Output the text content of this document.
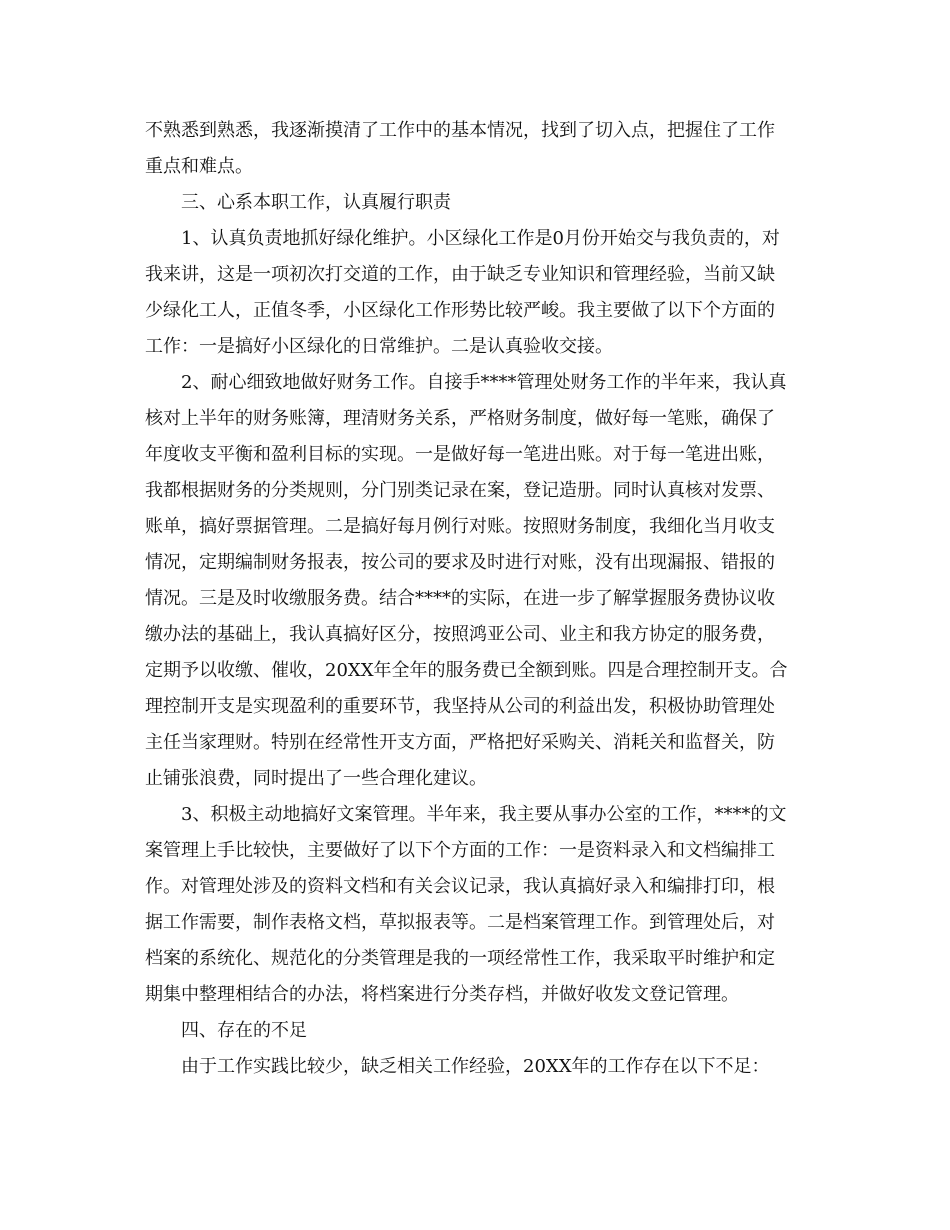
不熟悉到熟悉，我逐渐摸清了工作中的基本情况，找到了切入点，把握住了工作
重点和难点。
三、心系本职工作，认真履行职责
1、认真负责地抓好绿化维护。小区绿化工作是0月份开始交与我负责的，对
我来讲，这是一项初次打交道的工作，由于缺乏专业知识和管理经验，当前又缺
少绿化工人，正值冬季，小区绿化工作形势比较严峻。我主要做了以下个方面的
工作：一是搞好小区绿化的日常维护。二是认真验收交接。
2、耐心细致地做好财务工作。自接手****管理处财务工作的半年来，我认真
核对上半年的财务账簿，理清财务关系，严格财务制度，做好每一笔账，确保了
年度收支平衡和盈利目标的实现。一是做好每一笔进出账。对于每一笔进出账，
我都根据财务的分类规则，分门别类记录在案，登记造册。同时认真核对发票、
账单，搞好票据管理。二是搞好每月例行对账。按照财务制度，我细化当月收支
情况，定期编制财务报表，按公司的要求及时进行对账，没有出现漏报、错报的
情况。三是及时收缴服务费。结合****的实际，在进一步了解掌握服务费协议收
缴办法的基础上，我认真搞好区分，按照鸿亚公司、业主和我方协定的服务费，
定期予以收缴、催收，20XX年全年的服务费已全额到账。四是合理控制开支。合
理控制开支是实现盈利的重要环节，我坚持从公司的利益出发，积极协助管理处
主任当家理财。特别在经常性开支方面，严格把好采购关、消耗关和监督关，防
止铺张浪费，同时提出了一些合理化建议。
3、积极主动地搞好文案管理。半年来，我主要从事办公室的工作，****的文
案管理上手比较快，主要做好了以下个方面的工作：一是资料录入和文档编排工
作。对管理处涉及的资料文档和有关会议记录，我认真搞好录入和编排打印，根
据工作需要，制作表格文档，草拟报表等。二是档案管理工作。到管理处后，对
档案的系统化、规范化的分类管理是我的一项经常性工作，我采取平时维护和定
期集中整理相结合的办法，将档案进行分类存档，并做好收发文登记管理。
四、存在的不足
由于工作实践比较少，缺乏相关工作经验，20XX年的工作存在以下不足：
